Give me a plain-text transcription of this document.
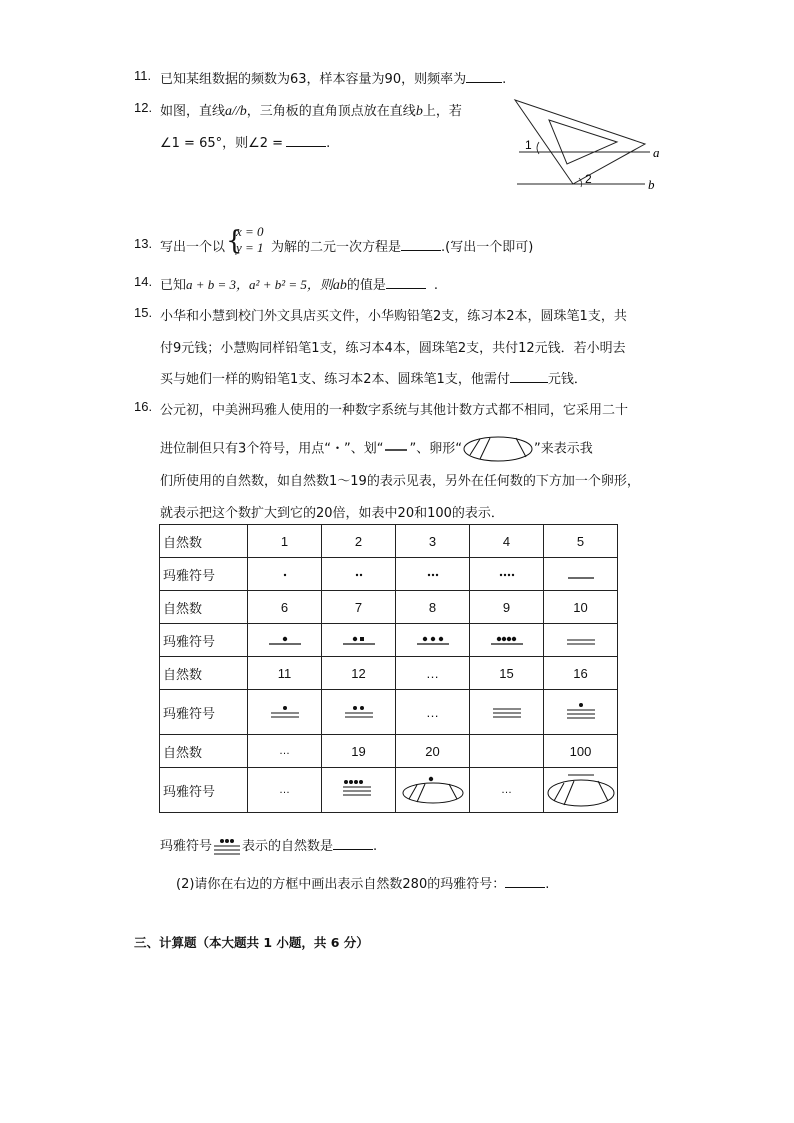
11. 已知某组数据的频数为63，样本容量为90，则频率为	.
12. 如图，直线a//b，三角板的直角顶点放在直线b上，若
∠1 = 65°，则∠2 =	.	1
2
a
b
13. 写出一个以 {
x = 0
y = 1 为解的二元一次方程是	.(写出一个即可)
14. 已知a + b = 3，a² + b² = 5，则ab的值是	.
15. 小华和小慧到校门外文具店买文件，小华购铅笔2支，练习本2本，圆珠笔1支，共
付9元钱；小慧购同样铅笔1支，练习本4本，圆珠笔2支，共付12元钱．若小明去
买与她们一样的购铅笔1支、练习本2本、圆珠笔1支，他需付	元钱．
16. 公元初，中美洲玛雅人使用的一种数字系统与其他计数方式都不相同，它采用二十
进位制但只有3个符号，用点“・”、划“ ”、卵形“	”来表示我
们所使用的自然数，如自然数1～19的表示见表，另外在任何数的下方加一个卵形，
就表示把这个数扩大到它的20倍，如表中20和100的表示．
自然数	1	2	3	4	5
玛雅符号					
自然数	6	7	8	9	10
玛雅符号					
自然数	11	12	…	15	16
玛雅符号			…		
自然数	…	19	20		100
玛雅符号	…			…	
玛雅符号 表示的自然数是	.
(2)请你在右边的方框中画出表示自然数280的玛雅符号：	.
三、计算题（本大题共 1 小题，共 6 分）
